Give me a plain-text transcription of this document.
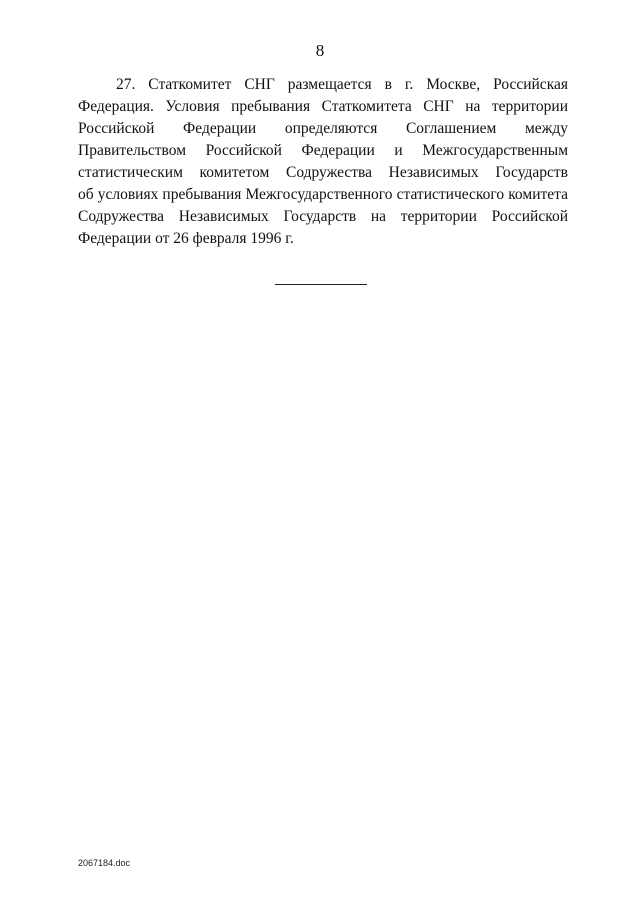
8
27. Статкомитет СНГ размещается в г. Москве, Российская
Федерация. Условия пребывания Статкомитета СНГ на территории
Российской Федерации определяются Соглашением между
Правительством Российской Федерации и Межгосударственным
статистическим комитетом Содружества Независимых Государств
об условиях пребывания Межгосударственного статистического комитета
Содружества Независимых Государств на территории Российской
Федерации от 26 февраля 1996 г.
2067184.doc
